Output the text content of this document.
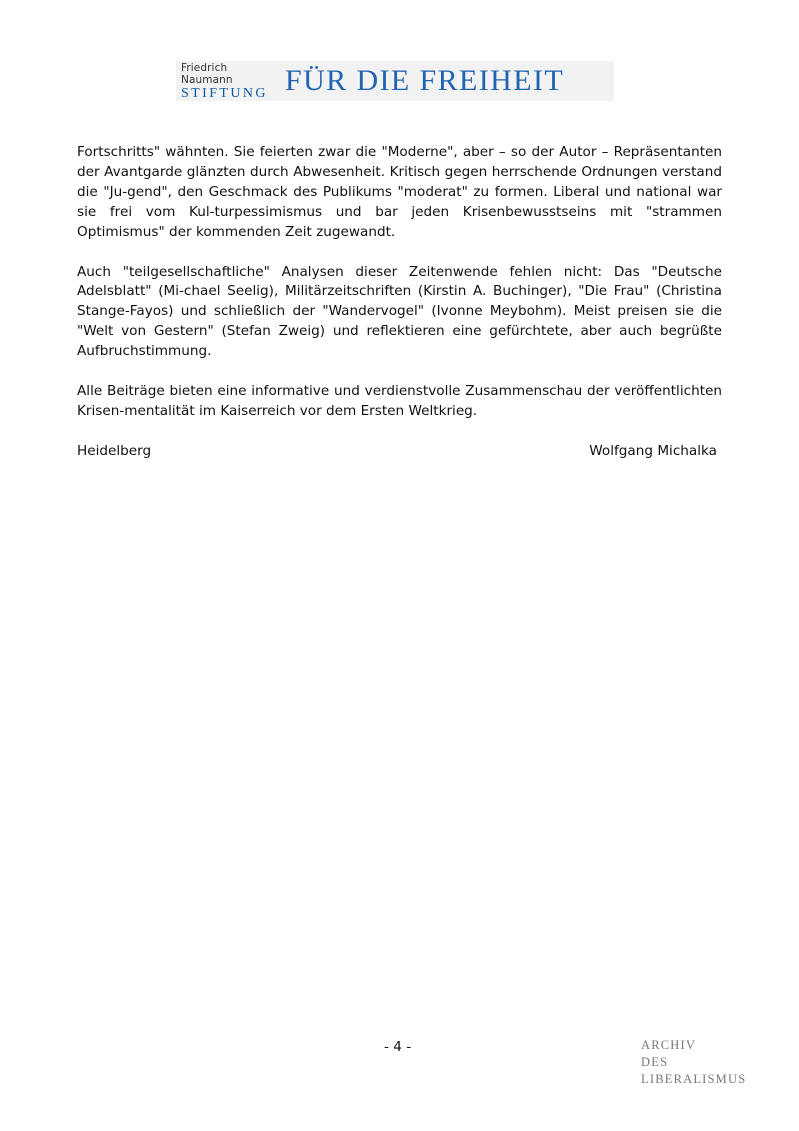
Friedrich Naumann
STIFTUNG FÜR DIE FREIHEIT

Fortschritts" wähnten. Sie feierten zwar die "Moderne", aber – so der Autor – Repräsentanten der Avantgarde glänzten durch Abwesenheit. Kritisch gegen herrschende Ordnungen verstand die "Ju-gend", den Geschmack des Publikums "moderat" zu formen. Liberal und national war sie frei vom Kul-turpessimismus und bar jeden Krisenbewusstseins mit "strammen Optimismus" der kommenden Zeit zugewandt.

Auch "teilgesellschaftliche" Analysen dieser Zeitenwende fehlen nicht: Das "Deutsche Adelsblatt" (Mi-chael Seelig), Militärzeitschriften (Kirstin A. Buchinger), "Die Frau" (Christina Stange-Fayos) und schließlich der "Wandervogel" (Ivonne Meybohm). Meist preisen sie die "Welt von Gestern" (Stefan Zweig) und reflektieren eine gefürchtete, aber auch begrüßte Aufbruchstimmung.

Alle Beiträge bieten eine informative und verdienstvolle Zusammenschau der veröffentlichten Krisen-mentalität im Kaiserreich vor dem Ersten Weltkrieg.

Heidelberg	Wolfgang Michalka
- 4 -	ARCHIV
DES
LIBERALISMUS
